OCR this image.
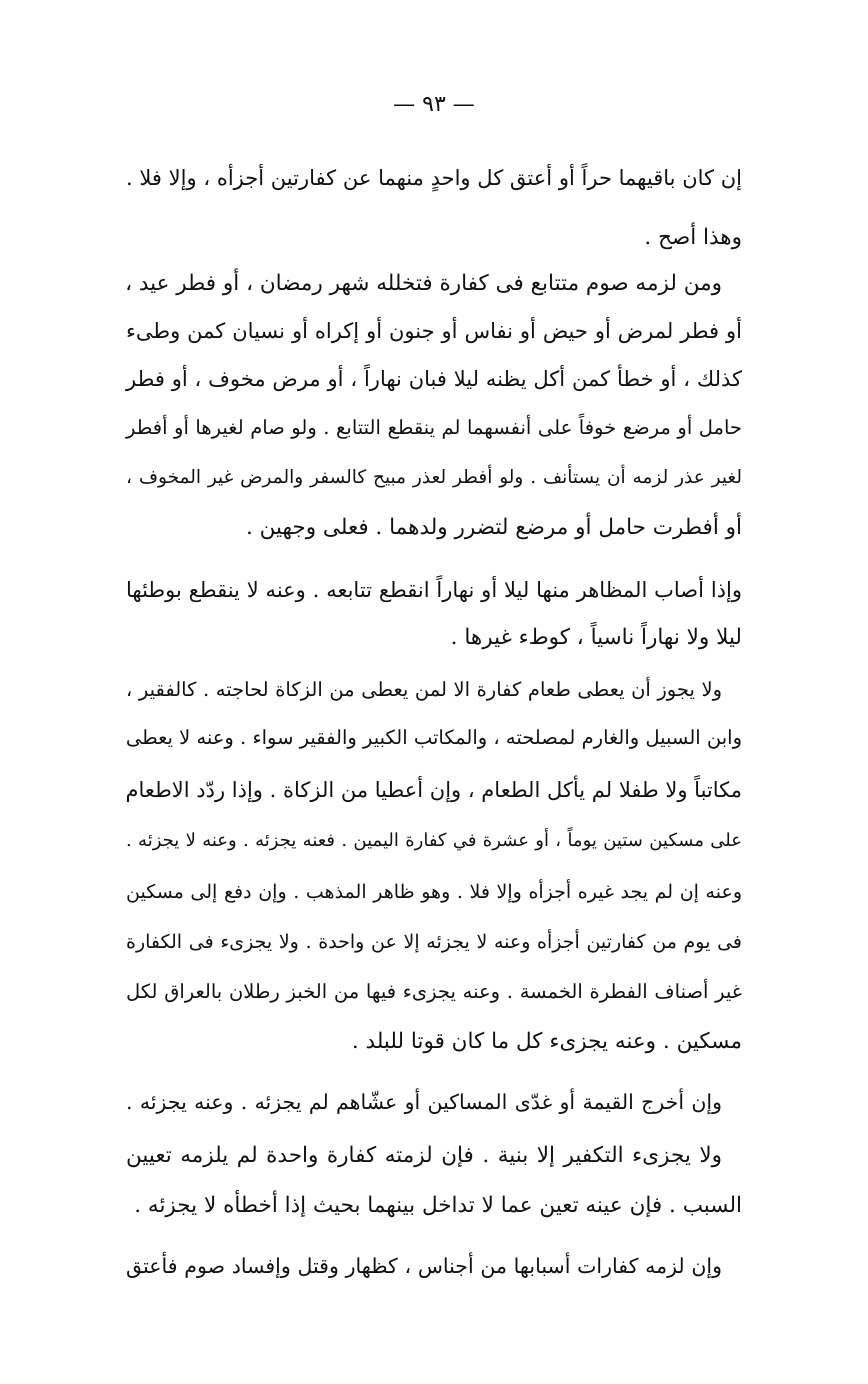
— ٩٣ —
إن كان باقيهما حراً أو أعتق كل واحدٍ منهما عن كفارتين أجزأه ، وإلا فلا .
وهذا أصح .
ومن لزمه صوم متتابع فى كفارة فتخلله شهر رمضان ، أو فطر عيد ،
أو فطر لمرض أو حيض أو نفاس أو جنون أو إكراه أو نسيان كمن وطىء
كذلك ، أو خطأ كمن أكل يظنه ليلا فبان نهاراً ، أو مرض مخوف ، أو فطر
حامل أو مرضع خوفاً على أنفسهما لم ينقطع التتابع . ولو صام لغيرها أو أفطر
لغير عذر لزمه أن يستأنف . ولو أفطر لعذر مبيح كالسفر والمرض غير المخوف ،
أو أفطرت حامل أو مرضع لتضرر ولدهما . فعلى وجهين .
وإذا أصاب المظاهر منها ليلا أو نهاراً انقطع تتابعه . وعنه لا ينقطع بوطئها
ليلا ولا نهاراً ناسياً ، كوطء غيرها .
ولا يجوز أن يعطى طعام كفارة الا لمن يعطى من الزكاة لحاجته . كالفقير ،
وابن السبيل والغارم لمصلحته ، والمكاتب الكبير والفقير سواء . وعنه لا يعطى
مكاتباً ولا طفلا لم يأكل الطعام ، وإن أعطيا من الزكاة . وإذا ردّد الاطعام
على مسكين ستين يوماً ، أو عشرة في كفارة اليمين . فعنه يجزئه . وعنه لا يجزئه .
وعنه إن لم يجد غيره أجزأه وإلا فلا . وهو ظاهر المذهب . وإن دفع إلى مسكين
فى يوم من كفارتين أجزأه وعنه لا يجزئه إلا عن واحدة . ولا يجزىء فى الكفارة
غير أصناف الفطرة الخمسة . وعنه يجزىء فيها من الخبز رطلان بالعراق لكل
مسكين . وعنه يجزىء كل ما كان قوتا للبلد .
وإن أخرج القيمة أو غدّى المساكين أو عشّاهم لم يجزئه . وعنه يجزئه .
ولا يجزىء التكفير إلا بنية . فإن لزمته كفارة واحدة لم يلزمه تعيين
السبب . فإن عينه تعين عما لا تداخل بينهما بحيث إذا أخطأه لا يجزئه .
وإن لزمه كفارات أسبابها من أجناس ، كظهار وقتل وإفساد صوم فأعتق
